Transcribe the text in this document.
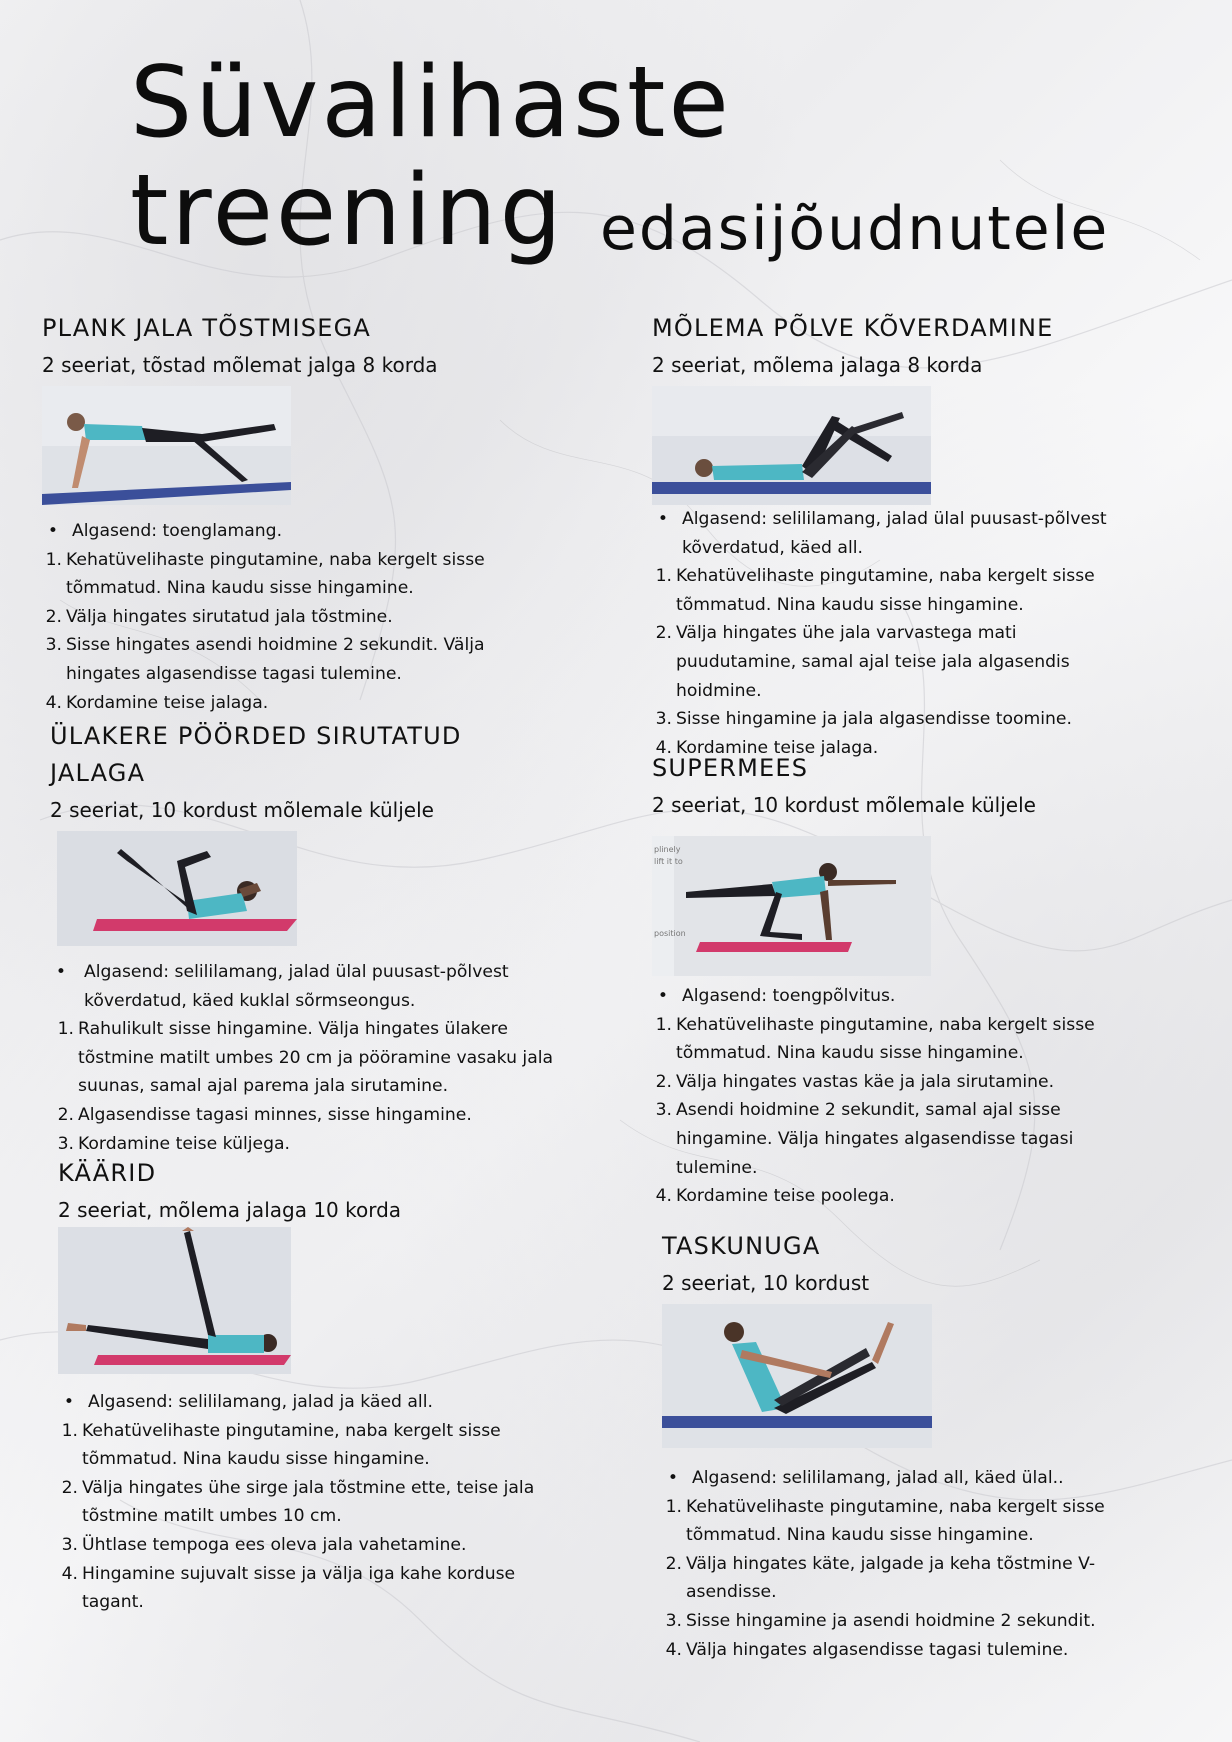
Süvalihaste treening edasijõudnutele
PLANK JALA TÕSTMISEGA
2 seeriat, tõstad mõlemat jalga 8 korda
• Algasend: toenglamang.
1. Kehatüvelihaste pingutamine, naba kergelt sisse tõmmatud. Nina kaudu sisse hingamine.
2. Välja hingates sirutatud jala tõstmine.
3. Sisse hingates asendi hoidmine 2 sekundit. Välja hingates algasendisse tagasi tulemine.
4. Kordamine teise jalaga.
MÕLEMA PÕLVE KÕVERDAMINE
2 seeriat, mõlema jalaga 8 korda
• Algasend: selililamang, jalad ülal puusast-põlvest kõverdatud, käed all.
1. Kehatüvelihaste pingutamine, naba kergelt sisse tõmmatud. Nina kaudu sisse hingamine.
2. Välja hingates ühe jala varvastega mati puudutamine, samal ajal teise jala algasendis hoidmine.
3. Sisse hingamine ja jala algasendisse toomine.
4. Kordamine teise jalaga.
ÜLAKERE PÖÖRDED SIRUTATUD JALAGA
2 seeriat, 10 kordust mõlemale küljele
•	Algasend: selililamang, jalad ülal puusast-põlvest kõverdatud, käed kuklal sõrmseongus.
1. Rahulikult sisse hingamine. Välja hingates ülakere tõstmine matilt umbes 20 cm ja pööramine vasaku jala suunas, samal ajal parema jala sirutamine.
2. Algasendisse tagasi minnes, sisse hingamine.
3. Kordamine teise küljega.
SUPERMEES
2 seeriat, 10 kordust mõlemale küljele
plinely
lift it to
position
• Algasend: toengpõlvitus.
1. Kehatüvelihaste pingutamine, naba kergelt sisse tõmmatud. Nina kaudu sisse hingamine.
2. Välja hingates vastas käe ja jala sirutamine.
3. Asendi hoidmine 2 sekundit, samal ajal sisse hingamine. Välja hingates algasendisse tagasi tulemine.
4. Kordamine teise poolega.
KÄÄRID
2 seeriat, mõlema jalaga 10 korda
• Algasend: selililamang, jalad ja käed all.
1. Kehatüvelihaste pingutamine, naba kergelt sisse tõmmatud. Nina kaudu sisse hingamine.
2. Välja hingates ühe sirge jala tõstmine ette, teise jala tõstmine matilt umbes 10 cm.
3. Ühtlase tempoga ees oleva jala vahetamine.
4. Hingamine sujuvalt sisse ja välja iga kahe korduse tagant.
TASKUNUGA
2 seeriat, 10 kordust
• Algasend: selililamang, jalad all, käed ülal..
1. Kehatüvelihaste pingutamine, naba kergelt sisse tõmmatud. Nina kaudu sisse hingamine.
2. Välja hingates käte, jalgade ja keha tõstmine V-asendisse.
3. Sisse hingamine ja asendi hoidmine 2 sekundit.
4. Välja hingates algasendisse tagasi tulemine.
